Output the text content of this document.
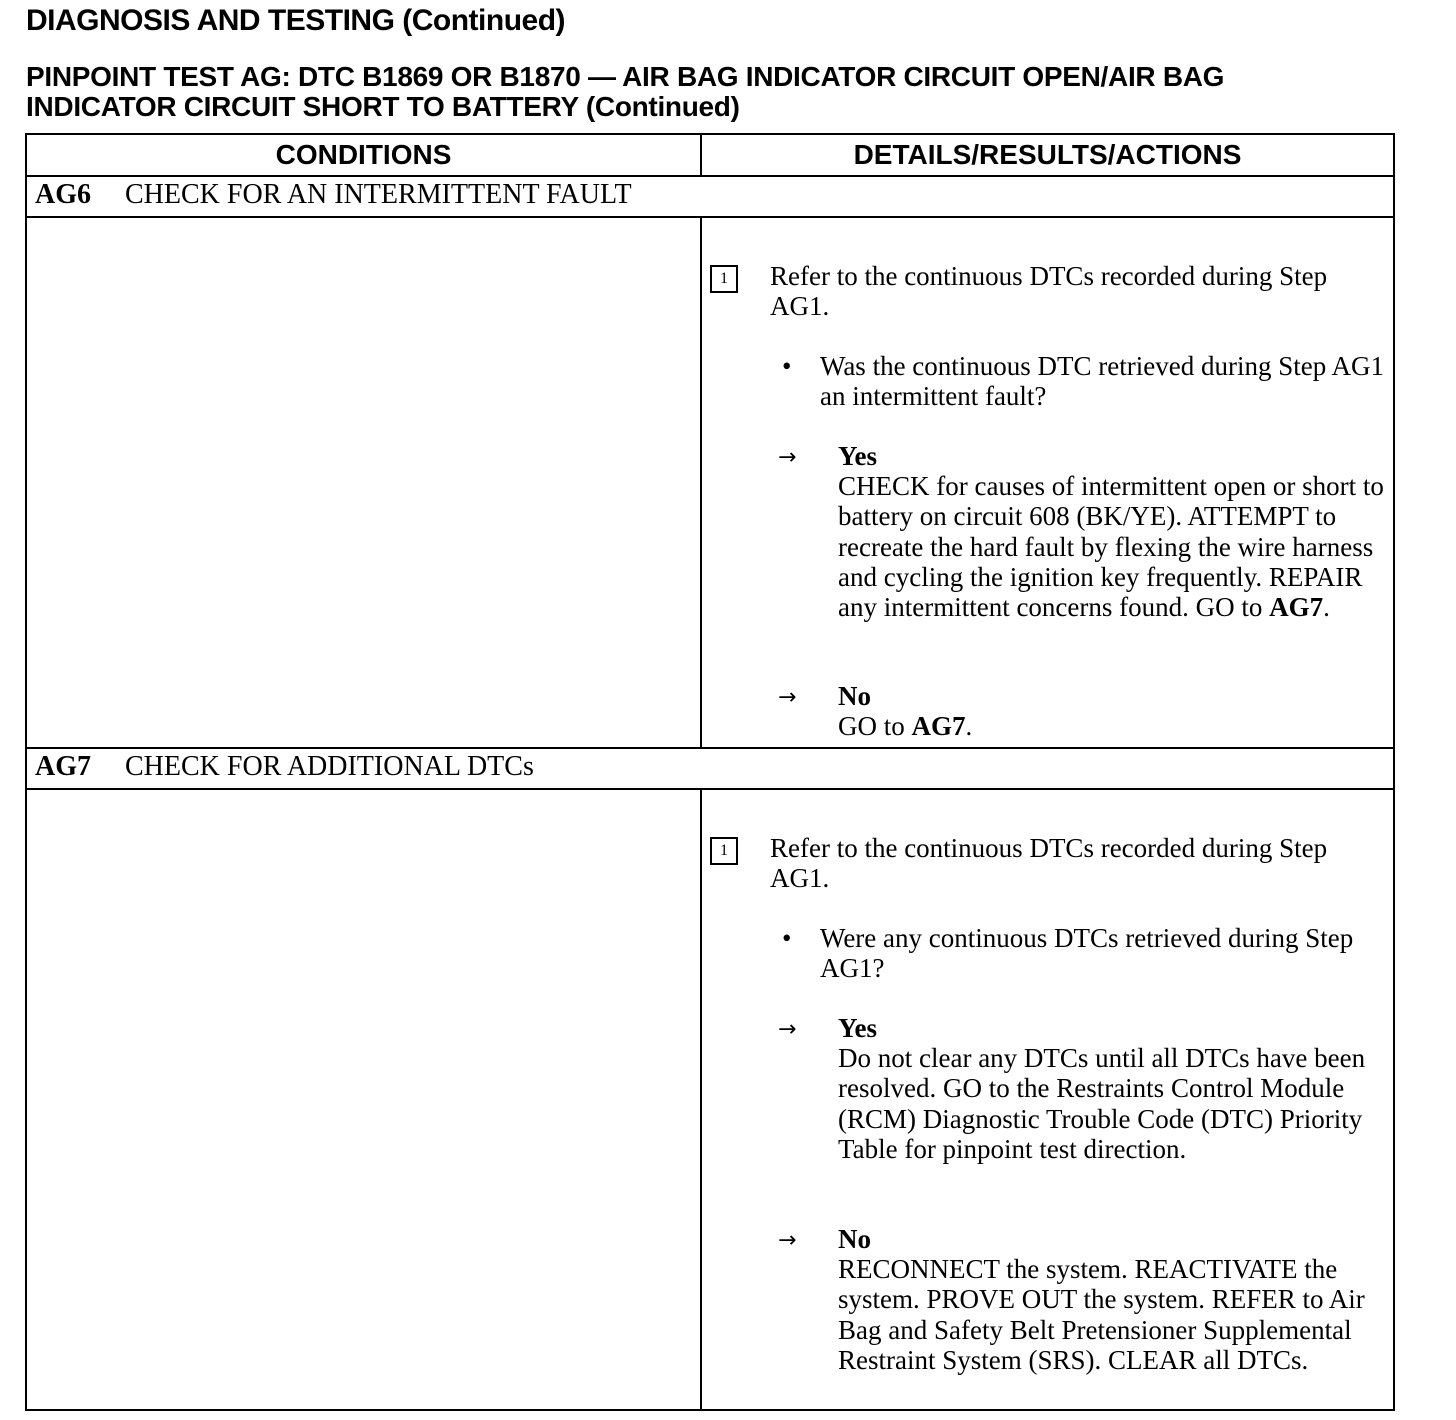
DIAGNOSIS AND TESTING (Continued)
PINPOINT TEST AG: DTC B1869 OR B1870 — AIR BAG INDICATOR CIRCUIT OPEN/AIR BAG
INDICATOR CIRCUIT SHORT TO BATTERY (Continued)
CONDITIONS	DETAILS/RESULTS/ACTIONS
AG6 CHECK FOR AN INTERMITTENT FAULT
1	Refer to the continuous DTCs recorded during Step AG1.
• Was the continuous DTC retrieved during Step AG1 an intermittent fault?
→ Yes
CHECK for causes of intermittent open or short to battery on circuit 608 (BK/YE). ATTEMPT to recreate the hard fault by flexing the wire harness and cycling the ignition key frequently. REPAIR any intermittent concerns found. GO to AG7.
→ No
GO to AG7.
AG7 CHECK FOR ADDITIONAL DTCs
1	Refer to the continuous DTCs recorded during Step AG1.
• Were any continuous DTCs retrieved during Step AG1?
→ Yes
Do not clear any DTCs until all DTCs have been resolved. GO to the Restraints Control Module (RCM) Diagnostic Trouble Code (DTC) Priority Table for pinpoint test direction.
→ No
RECONNECT the system. REACTIVATE the system. PROVE OUT the system. REFER to Air Bag and Safety Belt Pretensioner Supplemental Restraint System (SRS). CLEAR all DTCs.
